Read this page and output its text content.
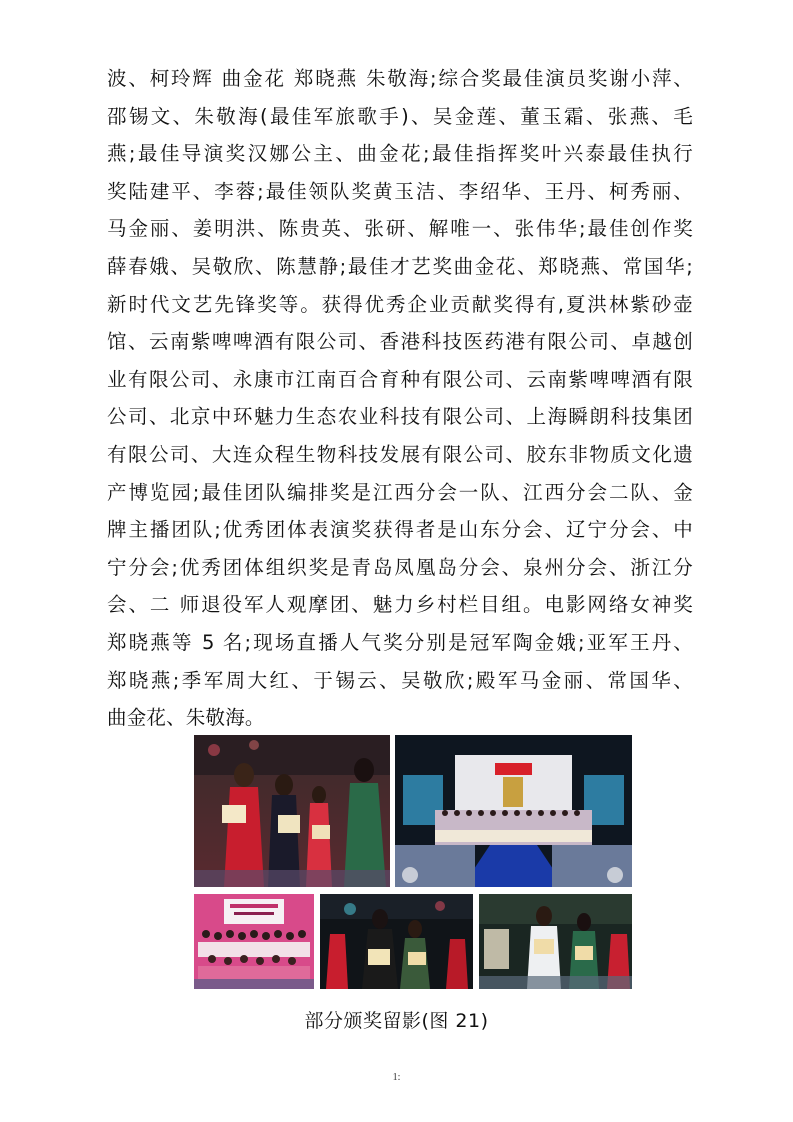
波、柯玲辉 曲金花 郑晓燕 朱敬海;综合奖最佳演员奖谢小萍、
邵锡文、朱敬海(最佳军旅歌手)、吴金莲、董玉霜、张燕、毛
燕;最佳导演奖汉娜公主、曲金花;最佳指挥奖叶兴泰最佳执行
奖陆建平、李蓉;最佳领队奖黄玉洁、李绍华、王丹、柯秀丽、
马金丽、姜明洪、陈贵英、张研、解唯一、张伟华;最佳创作奖
薛春娥、吴敬欣、陈慧静;最佳才艺奖曲金花、郑晓燕、常国华;
新时代文艺先锋奖等。获得优秀企业贡献奖得有,夏洪林紫砂壶
馆、云南紫啤啤酒有限公司、香港科技医药港有限公司、卓越创
业有限公司、永康市江南百合育种有限公司、云南紫啤啤酒有限
公司、北京中环魅力生态农业科技有限公司、上海瞬朗科技集团
有限公司、大连众程生物科技发展有限公司、胶东非物质文化遗
产博览园;最佳团队编排奖是江西分会一队、江西分会二队、金
牌主播团队;优秀团体表演奖获得者是山东分会、辽宁分会、中
宁分会;优秀团体组织奖是青岛凤凰岛分会、泉州分会、浙江分
会、二 师退役军人观摩团、魅力乡村栏目组。电影网络女神奖
郑晓燕等 5 名;现场直播人气奖分别是冠军陶金娥;亚军王丹、
郑晓燕;季军周大红、于锡云、吴敬欣;殿军马金丽、常国华、
曲金花、朱敬海。
部分颁奖留影(图 21)
1:
